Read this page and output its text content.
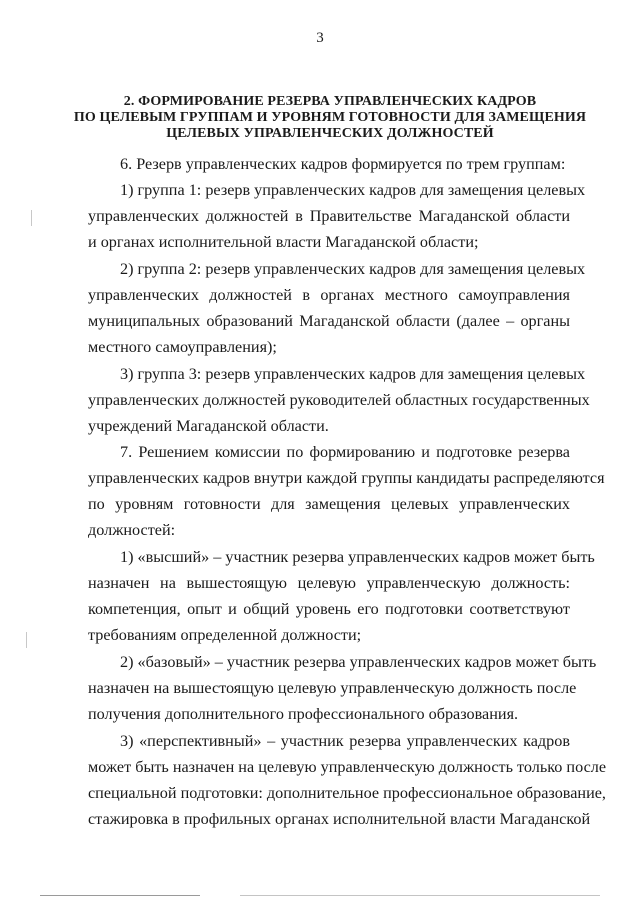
3
2. ФОРМИРОВАНИЕ РЕЗЕРВА УПРАВЛЕНЧЕСКИХ КАДРОВ
ПО ЦЕЛЕВЫМ ГРУППАМ И УРОВНЯМ ГОТОВНОСТИ ДЛЯ ЗАМЕЩЕНИЯ
ЦЕЛЕВЫХ УПРАВЛЕНЧЕСКИХ ДОЛЖНОСТЕЙ
6. Резерв управленческих кадров формируется по трем группам:
1) группа 1: резерв управленческих кадров для замещения целевых
управленческих должностей в Правительстве Магаданской области
и органах исполнительной власти Магаданской области;
2) группа 2: резерв управленческих кадров для замещения целевых
управленческих должностей в органах местного самоуправления
муниципальных образований Магаданской области (далее – органы
местного самоуправления);
3) группа 3: резерв управленческих кадров для замещения целевых
управленческих должностей руководителей областных государственных
учреждений Магаданской области.
7. Решением комиссии по формированию и подготовке резерва
управленческих кадров внутри каждой группы кандидаты распределяются
по уровням готовности для замещения целевых управленческих
должностей:
1) «высший» – участник резерва управленческих кадров может быть
назначен на вышестоящую целевую управленческую должность:
компетенция, опыт и общий уровень его подготовки соответствуют
требованиям определенной должности;
2) «базовый» – участник резерва управленческих кадров может быть
назначен на вышестоящую целевую управленческую должность после
получения дополнительного профессионального образования.
3) «перспективный» – участник резерва управленческих кадров
может быть назначен на целевую управленческую должность только после
специальной подготовки: дополнительное профессиональное образование,
стажировка в профильных органах исполнительной власти Магаданской
